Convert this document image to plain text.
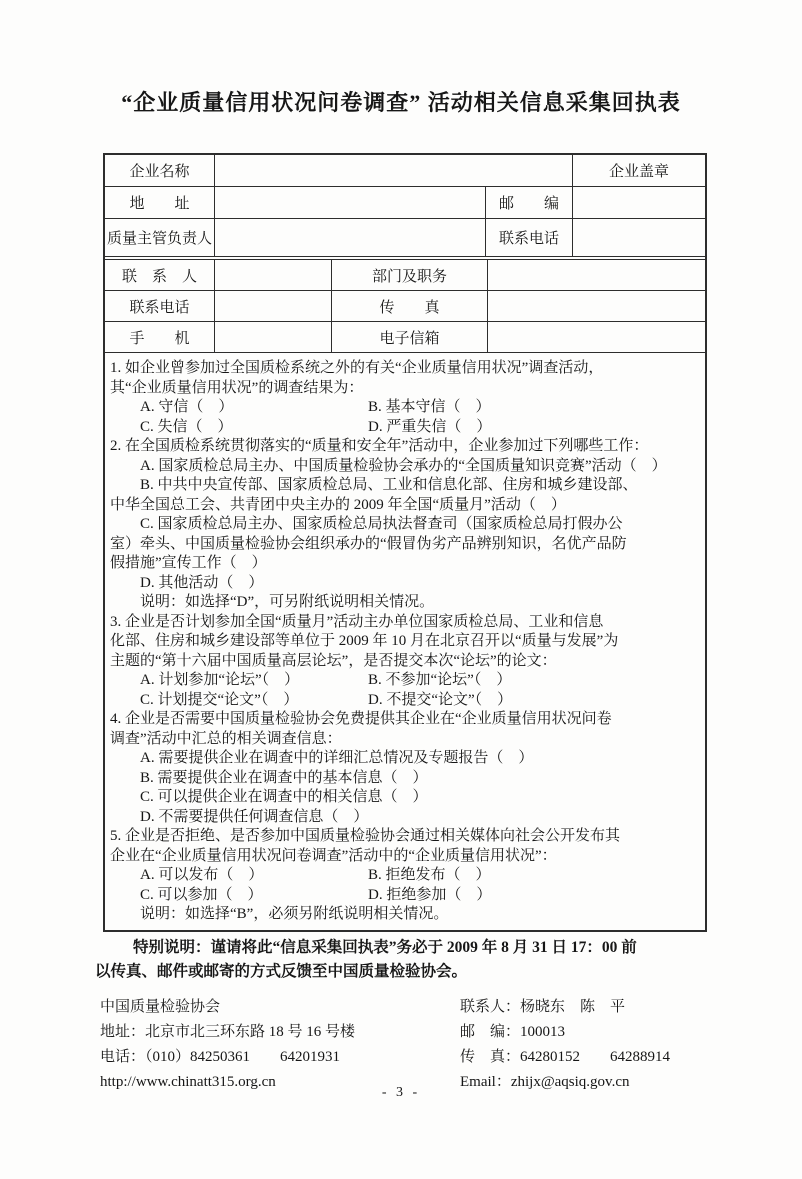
“企业质量信用状况问卷调查” 活动相关信息采集回执表
企业名称	企业盖章
地　　址	邮　　编
质量主管负责人	联系电话
联　系　人	部门及职务
联系电话	传　　真
手　　机	电子信箱
1. 如企业曾参加过全国质检系统之外的有关“企业质量信用状况”调查活动，
其“企业质量信用状况”的调查结果为：
A. 守信（　）	B. 基本守信（　）
C. 失信（　）	D. 严重失信（　）
2. 在全国质检系统贯彻落实的“质量和安全年”活动中，企业参加过下列哪些工作：
A. 国家质检总局主办、中国质量检验协会承办的“全国质量知识竞赛”活动（　）
B. 中共中央宣传部、国家质检总局、工业和信息化部、住房和城乡建设部、
中华全国总工会、共青团中央主办的 2009 年全国“质量月”活动（　）
C. 国家质检总局主办、国家质检总局执法督查司（国家质检总局打假办公
室）牵头、中国质量检验协会组织承办的“假冒伪劣产品辨别知识，名优产品防
假措施”宣传工作（　）
D. 其他活动（　）
说明：如选择“D”，可另附纸说明相关情况。
3. 企业是否计划参加全国“质量月”活动主办单位国家质检总局、工业和信息
化部、住房和城乡建设部等单位于 2009 年 10 月在北京召开以“质量与发展”为
主题的“第十六届中国质量高层论坛”，是否提交本次“论坛”的论文：
A. 计划参加“论坛”（　）	B. 不参加“论坛”（　）
C. 计划提交“论文”（　）	D. 不提交“论文”（　）
4. 企业是否需要中国质量检验协会免费提供其企业在“企业质量信用状况问卷
调查”活动中汇总的相关调查信息：
A. 需要提供企业在调查中的详细汇总情况及专题报告（　）
B. 需要提供企业在调查中的基本信息（　）
C. 可以提供企业在调查中的相关信息（　）
D. 不需要提供任何调查信息（　）
5. 企业是否拒绝、是否参加中国质量检验协会通过相关媒体向社会公开发布其
企业在“企业质量信用状况问卷调查”活动中的“企业质量信用状况”：
A. 可以发布（　）	B. 拒绝发布（　）
C. 可以参加（　）	D. 拒绝参加（　）
说明：如选择“B”，必须另附纸说明相关情况。
特别说明：谨请将此“信息采集回执表”务必于 2009 年 8 月 31 日 17：00 前
以传真、邮件或邮寄的方式反馈至中国质量检验协会。
中国质量检验协会
地址：北京市北三环东路 18 号 16 号楼
电话：（010）84250361　　64201931
http://www.chinatt315.org.cn
联系人：杨晓东　陈　平
邮　编：100013
传　真：64280152　　64288914
Email：zhijx@aqsiq.gov.cn
- 3 -
